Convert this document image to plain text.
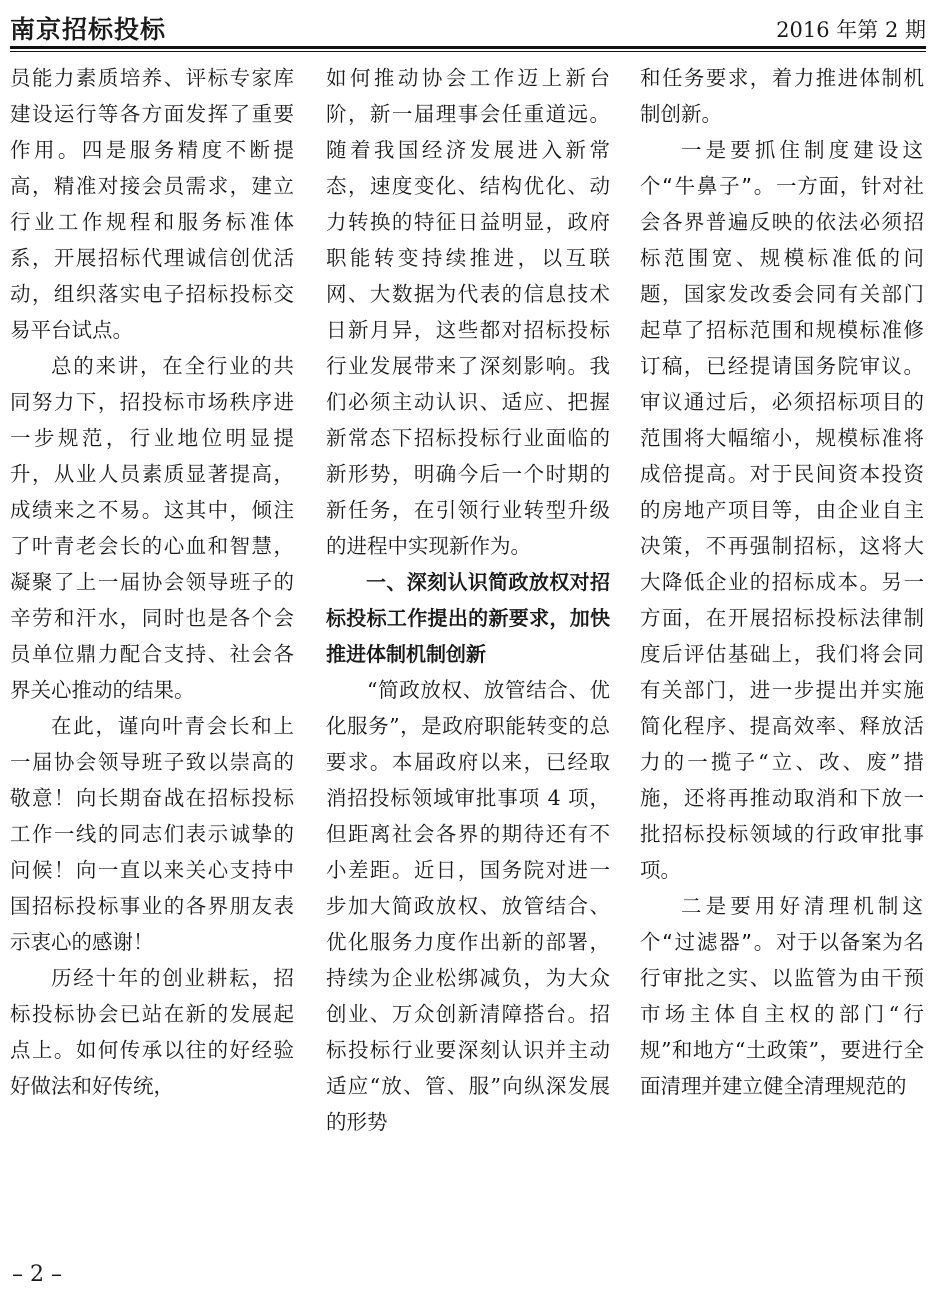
南京招标投标	2016 年第 2 期

员能力素质培养、评标专家库建设运行等各方面发挥了重要作用。四是服务精度不断提高，精准对接会员需求，建立行业工作规程和服务标准体系，开展招标代理诚信创优活动，组织落实电子招标投标交易平台试点。

总的来讲，在全行业的共同努力下，招投标市场秩序进一步规范，行业地位明显提升，从业人员素质显著提高，成绩来之不易。这其中，倾注了叶青老会长的心血和智慧，凝聚了上一届协会领导班子的辛劳和汗水，同时也是各个会员单位鼎力配合支持、社会各界关心推动的结果。

在此，谨向叶青会长和上一届协会领导班子致以崇高的敬意！向长期奋战在招标投标工作一线的同志们表示诚挚的问候！向一直以来关心支持中国招标投标事业的各界朋友表示衷心的感谢！

历经十年的创业耕耘，招标投标协会已站在新的发展起点上。如何传承以往的好经验好做法和好传统，

如何推动协会工作迈上新台阶，新一届理事会任重道远。随着我国经济发展进入新常态，速度变化、结构优化、动力转换的特征日益明显，政府职能转变持续推进，以互联网、大数据为代表的信息技术日新月异，这些都对招标投标行业发展带来了深刻影响。我们必须主动认识、适应、把握新常态下招标投标行业面临的新形势，明确今后一个时期的新任务，在引领行业转型升级的进程中实现新作为。

一、深刻认识简政放权对招标投标工作提出的新要求，加快推进体制机制创新

“简政放权、放管结合、优化服务”，是政府职能转变的总要求。本届政府以来，已经取消招投标领域审批事项 4 项，但距离社会各界的期待还有不小差距。近日，国务院对进一步加大简政放权、放管结合、优化服务力度作出新的部署，持续为企业松绑减负，为大众创业、万众创新清障搭台。招标投标行业要深刻认识并主动适应“放、管、服”向纵深发展的形势

和任务要求，着力推进体制机制创新。

一是要抓住制度建设这个“牛鼻子”。一方面，针对社会各界普遍反映的依法必须招标范围宽、规模标准低的问题，国家发改委会同有关部门起草了招标范围和规模标准修订稿，已经提请国务院审议。审议通过后，必须招标项目的范围将大幅缩小，规模标准将成倍提高。对于民间资本投资的房地产项目等，由企业自主决策，不再强制招标，这将大大降低企业的招标成本。另一方面，在开展招标投标法律制度后评估基础上，我们将会同有关部门，进一步提出并实施简化程序、提高效率、释放活力的一揽子“立、改、废”措施，还将再推动取消和下放一批招标投标领域的行政审批事项。

二是要用好清理机制这个“过滤器”。对于以备案为名行审批之实、以监管为由干预市场主体自主权的部门“行规”和地方“土政策”，要进行全面清理并建立健全清理规范的

– 2 –
